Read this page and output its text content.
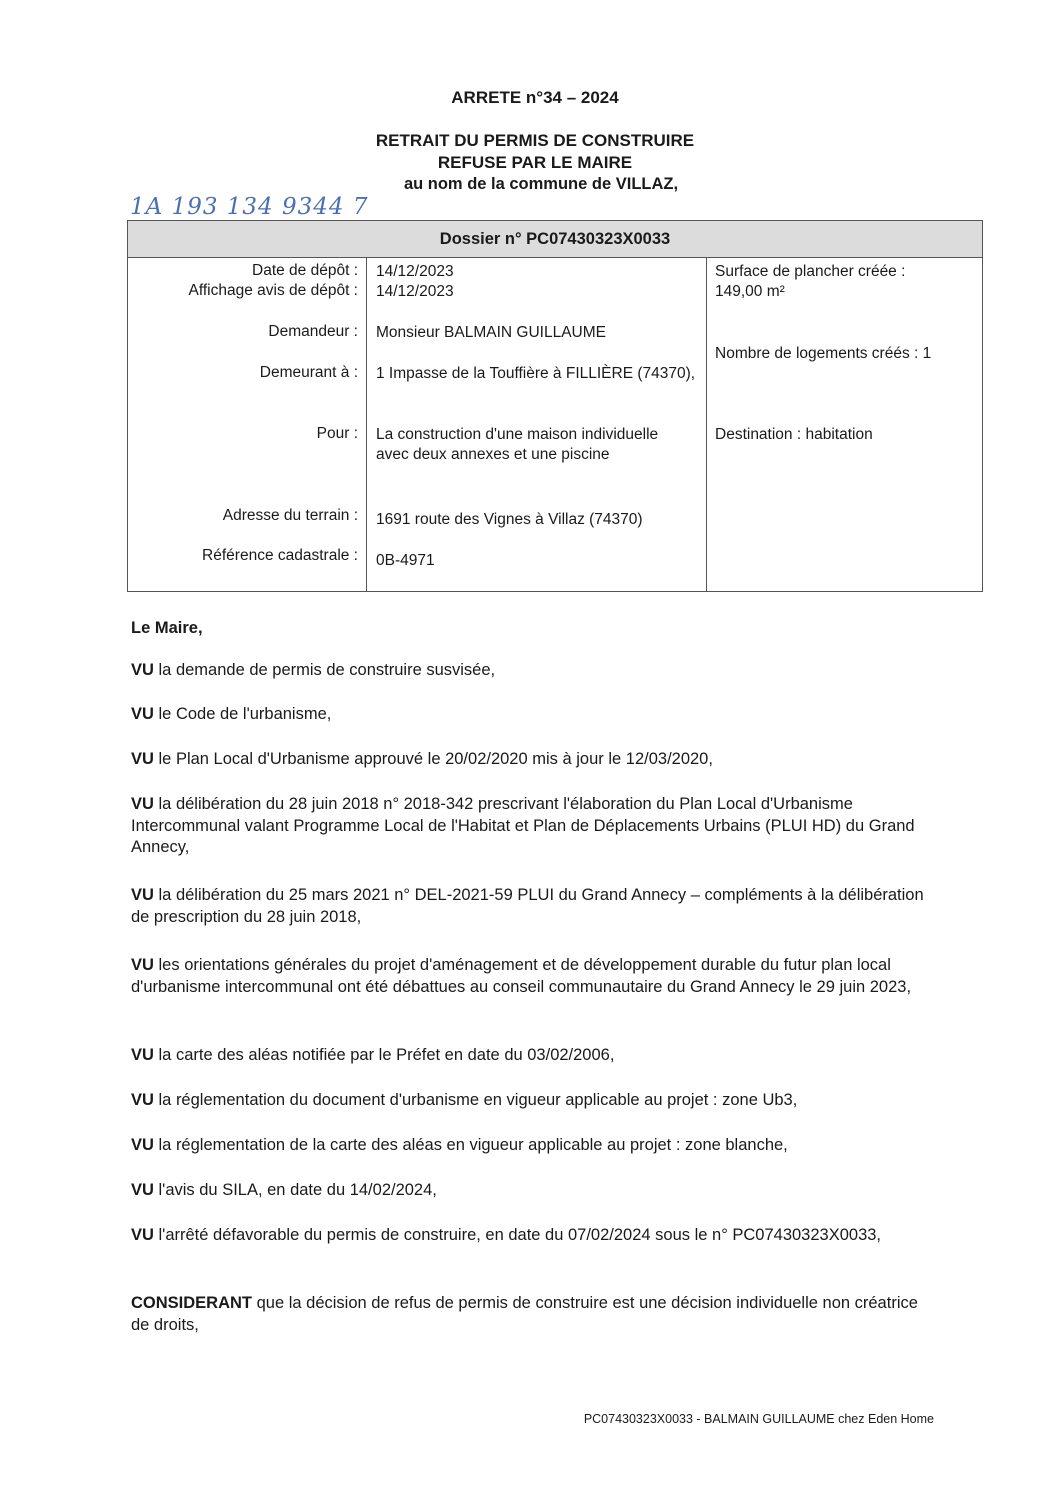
ARRETE n°34 – 2024
RETRAIT DU PERMIS DE CONSTRUIRE
REFUSE PAR LE MAIRE
au nom de la commune de VILLAZ,
1A 193 134 9344 7
Dossier n° PC07430323X0033
Date de dépôt :
Affichage avis de dépôt :
Demandeur :
Demeurant à :
Pour :
Adresse du terrain :
Référence cadastrale :
14/12/2023
14/12/2023
Monsieur BALMAIN GUILLAUME
1 Impasse de la Touffière à FILLIÈRE (74370),
La construction d'une maison individuelle avec deux annexes et une piscine
1691 route des Vignes à Villaz (74370)
0B-4971
Surface de plancher créée : 149,00 m²
Nombre de logements créés : 1
Destination : habitation
Le Maire,
VU la demande de permis de construire susvisée,
VU le Code de l'urbanisme,
VU le Plan Local d'Urbanisme approuvé le 20/02/2020 mis à jour le 12/03/2020,
VU la délibération du 28 juin 2018 n° 2018-342 prescrivant l'élaboration du Plan Local d'Urbanisme Intercommunal valant Programme Local de l'Habitat et Plan de Déplacements Urbains (PLUI HD) du Grand Annecy,
VU la délibération du 25 mars 2021 n° DEL-2021-59 PLUI du Grand Annecy – compléments à la délibération de prescription du 28 juin 2018,
VU les orientations générales du projet d'aménagement et de développement durable du futur plan local d'urbanisme intercommunal ont été débattues au conseil communautaire du Grand Annecy le 29 juin 2023,
VU la carte des aléas notifiée par le Préfet en date du 03/02/2006,
VU la réglementation du document d'urbanisme en vigueur applicable au projet : zone Ub3,
VU la réglementation de la carte des aléas en vigueur applicable au projet : zone blanche,
VU l'avis du SILA, en date du 14/02/2024,
VU l'arrêté défavorable du permis de construire, en date du 07/02/2024 sous le n° PC07430323X0033,
CONSIDERANT que la décision de refus de permis de construire est une décision individuelle non créatrice de droits,
PC07430323X0033 - BALMAIN GUILLAUME chez Eden Home
